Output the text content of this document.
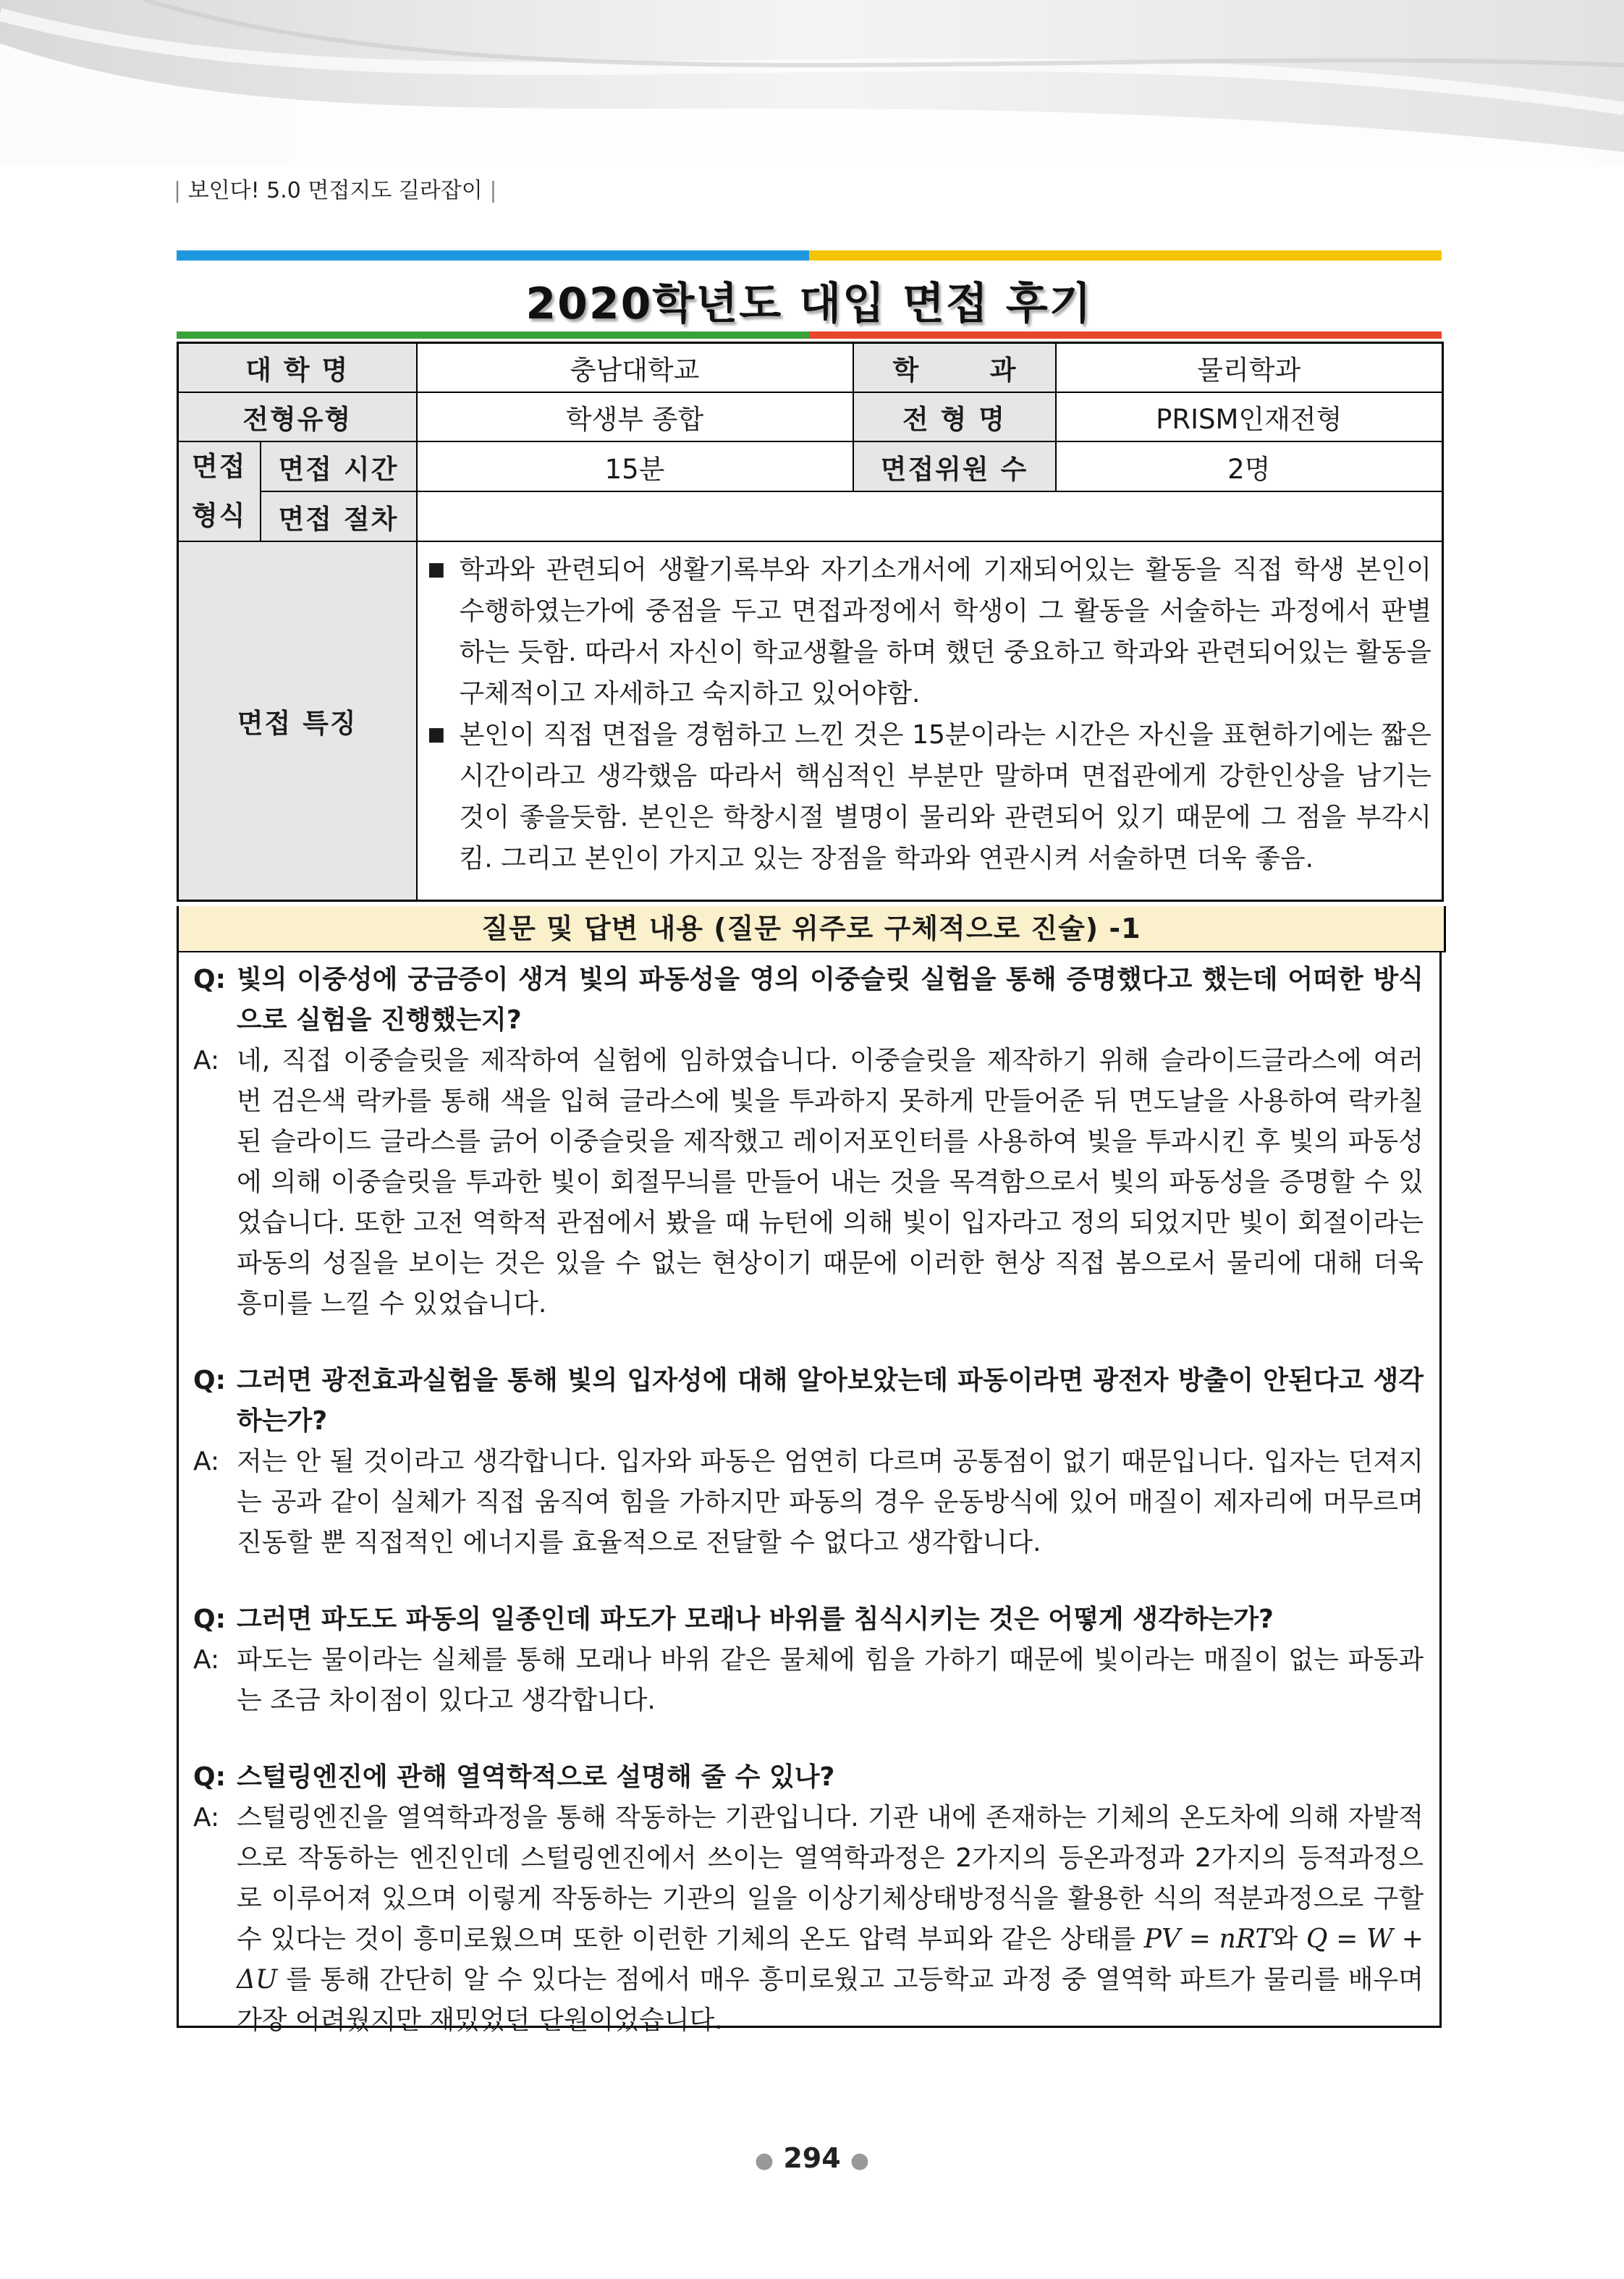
| 보인다! 5.0 면접지도 길라잡이 |
2020학년도 대입 면접 후기
대 학 명		충남대학교	학 과	물리학과
전형유형		학생부 종합	전 형 명	PRISM인재전형
면접
형식	면접 시간	15분	면접위원 수	2명
	면접 절차			
면접 특징		■ 학과와 관련되어 생활기록부와 자기소개서에 기재되어있는 활동을 직접 학생 본인이 수행하였는가에 중점을 두고 면접과정에서 학생이 그 활동을 서술하는 과정에서 판별하는 듯함. 따라서 자신이 학교생활을 하며 했던 중요하고 학과와 관련되어있는 활동을 구체적이고 자세하고 숙지하고 있어야함.
■ 본인이 직접 면접을 경험하고 느낀 것은 15분이라는 시간은 자신을 표현하기에는 짧은 시간이라고 생각했음 따라서 핵심적인 부분만 말하며 면접관에게 강한인상을 남기는 것이 좋을듯함. 본인은 학창시절 별명이 물리와 관련되어 있기 때문에 그 점을 부각시킴. 그리고 본인이 가지고 있는 장점을 학과와 연관시켜 서술하면 더욱 좋음.		
질문 및 답변 내용 (질문 위주로 구체적으로 진술) -1
Q: 빛의 이중성에 궁금증이 생겨 빛의 파동성을 영의 이중슬릿 실험을 통해 증명했다고 했는데 어떠한 방식으로 실험을 진행했는지?
A: 네, 직접 이중슬릿을 제작하여 실험에 임하였습니다. 이중슬릿을 제작하기 위해 슬라이드글라스에 여러 번 검은색 락카를 통해 색을 입혀 글라스에 빛을 투과하지 못하게 만들어준 뒤 면도날을 사용하여 락카칠 된 슬라이드 글라스를 긁어 이중슬릿을 제작했고 레이저포인터를 사용하여 빛을 투과시킨 후 빛의 파동성에 의해 이중슬릿을 투과한 빛이 회절무늬를 만들어 내는 것을 목격함으로서 빛의 파동성을 증명할 수 있었습니다. 또한 고전 역학적 관점에서 봤을 때 뉴턴에 의해 빛이 입자라고 정의 되었지만 빛이 회절이라는 파동의 성질을 보이는 것은 있을 수 없는 현상이기 때문에 이러한 현상 직접 봄으로서 물리에 대해 더욱 흥미를 느낄 수 있었습니다.
Q: 그러면 광전효과실험을 통해 빛의 입자성에 대해 알아보았는데 파동이라면 광전자 방출이 안된다고 생각하는가?
A: 저는 안 될 것이라고 생각합니다. 입자와 파동은 엄연히 다르며 공통점이 없기 때문입니다. 입자는 던져지는 공과 같이 실체가 직접 움직여 힘을 가하지만 파동의 경우 운동방식에 있어 매질이 제자리에 머무르며 진동할 뿐 직접적인 에너지를 효율적으로 전달할 수 없다고 생각합니다.
Q: 그러면 파도도 파동의 일종인데 파도가 모래나 바위를 침식시키는 것은 어떻게 생각하는가?
A: 파도는 물이라는 실체를 통해 모래나 바위 같은 물체에 힘을 가하기 때문에 빛이라는 매질이 없는 파동과는 조금 차이점이 있다고 생각합니다.
Q: 스털링엔진에 관해 열역학적으로 설명해 줄 수 있나?
A: 스털링엔진을 열역학과정을 통해 작동하는 기관입니다. 기관 내에 존재하는 기체의 온도차에 의해 자발적으로 작동하는 엔진인데 스털링엔진에서 쓰이는 열역학과정은 2가지의 등온과정과 2가지의 등적과정으로 이루어져 있으며 이렇게 작동하는 기관의 일을 이상기체상태방정식을 활용한 식의 적분과정으로 구할 수 있다는 것이 흥미로웠으며 또한 이런한 기체의 온도 압력 부피와 같은 상태를 PV = nRT와 Q = W + ΔU 를 통해 간단히 알 수 있다는 점에서 매우 흥미로웠고 고등학교 과정 중 열역학 파트가 물리를 배우며 가장 어려웠지만 재밌었던 단원이었습니다.
● 294 ●
